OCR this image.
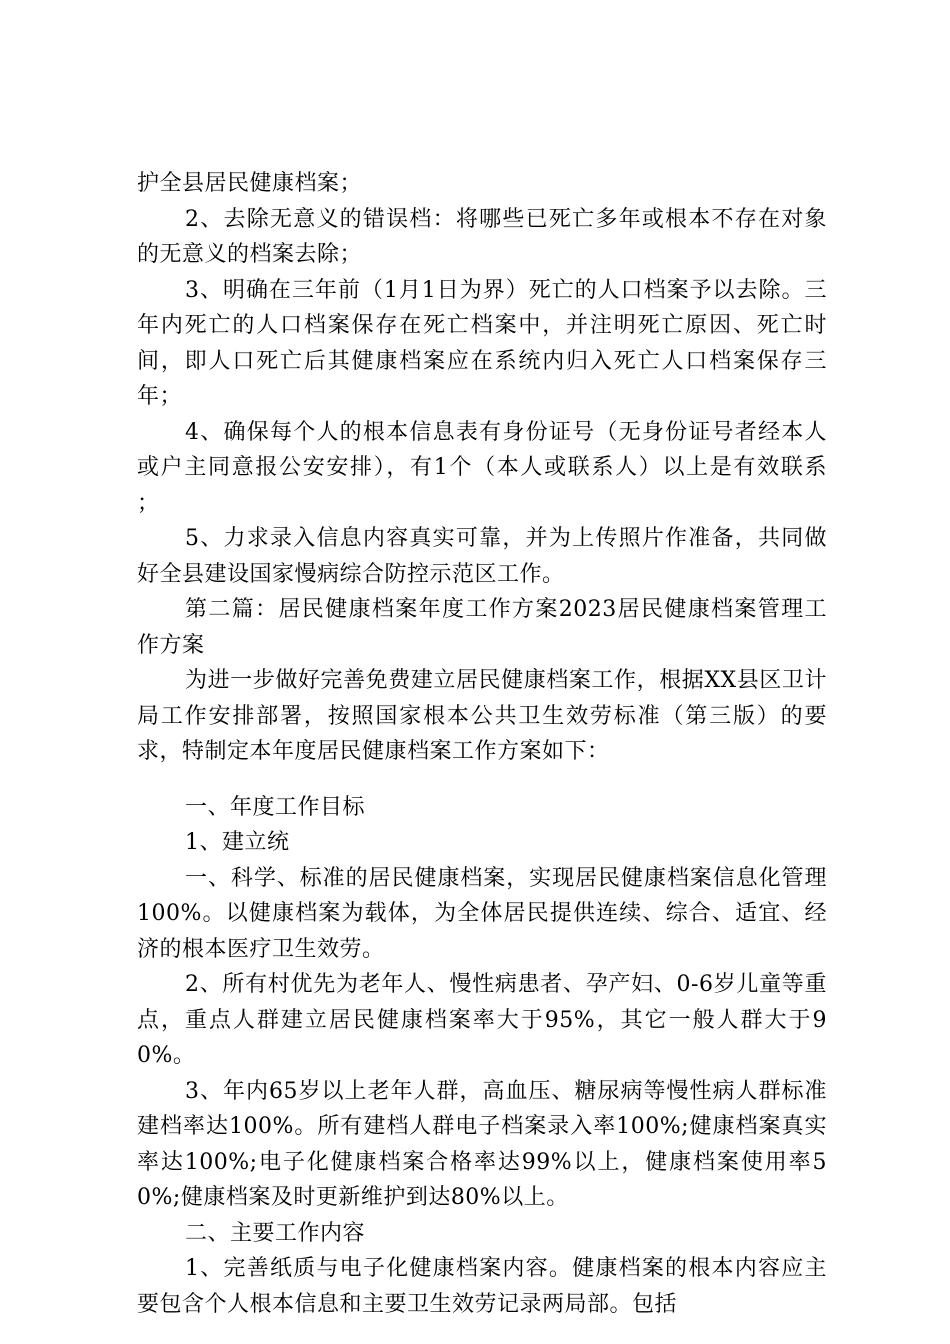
护全县居民健康档案；

2、去除无意义的错误档：将哪些已死亡多年或根本不存在对象的无意义的档案去除；

3、明确在三年前（1月1日为界）死亡的人口档案予以去除。三年内死亡的人口档案保存在死亡档案中，并注明死亡原因、死亡时间，即人口死亡后其健康档案应在系统内归入死亡人口档案保存三年；

4、确保每个人的根本信息表有身份证号（无身份证号者经本人或户主同意报公安安排），有1个（本人或联系人）以上是有效联系      ；

5、力求录入信息内容真实可靠，并为上传照片作准备，共同做好全县建设国家慢病综合防控示范区工作。

第二篇：居民健康档案年度工作方案2023居民健康档案管理工作方案

为进一步做好完善免费建立居民健康档案工作，根据XX县区卫计局工作安排部署，按照国家根本公共卫生效劳标准（第三版）的要求，特制定本年度居民健康档案工作方案如下：

一、年度工作目标

1、建立统

一、科学、标准的居民健康档案，实现居民健康档案信息化管理100%。以健康档案为载体，为全体居民提供连续、综合、适宜、经济的根本医疗卫生效劳。

2、所有村优先为老年人、慢性病患者、孕产妇、0-6岁儿童等重点，重点人群建立居民健康档案率大于95%，其它一般人群大于90%。

3、年内65岁以上老年人群，高血压、糖尿病等慢性病人群标准建档率达100%。所有建档人群电子档案录入率100%;健康档案真实率达100%;电子化健康档案合格率达99%以上，健康档案使用率50%;健康档案及时更新维护到达80%以上。

二、主要工作内容

1、完善纸质与电子化健康档案内容。健康档案的根本内容应主要包含个人根本信息和主要卫生效劳记录两局部。包括
